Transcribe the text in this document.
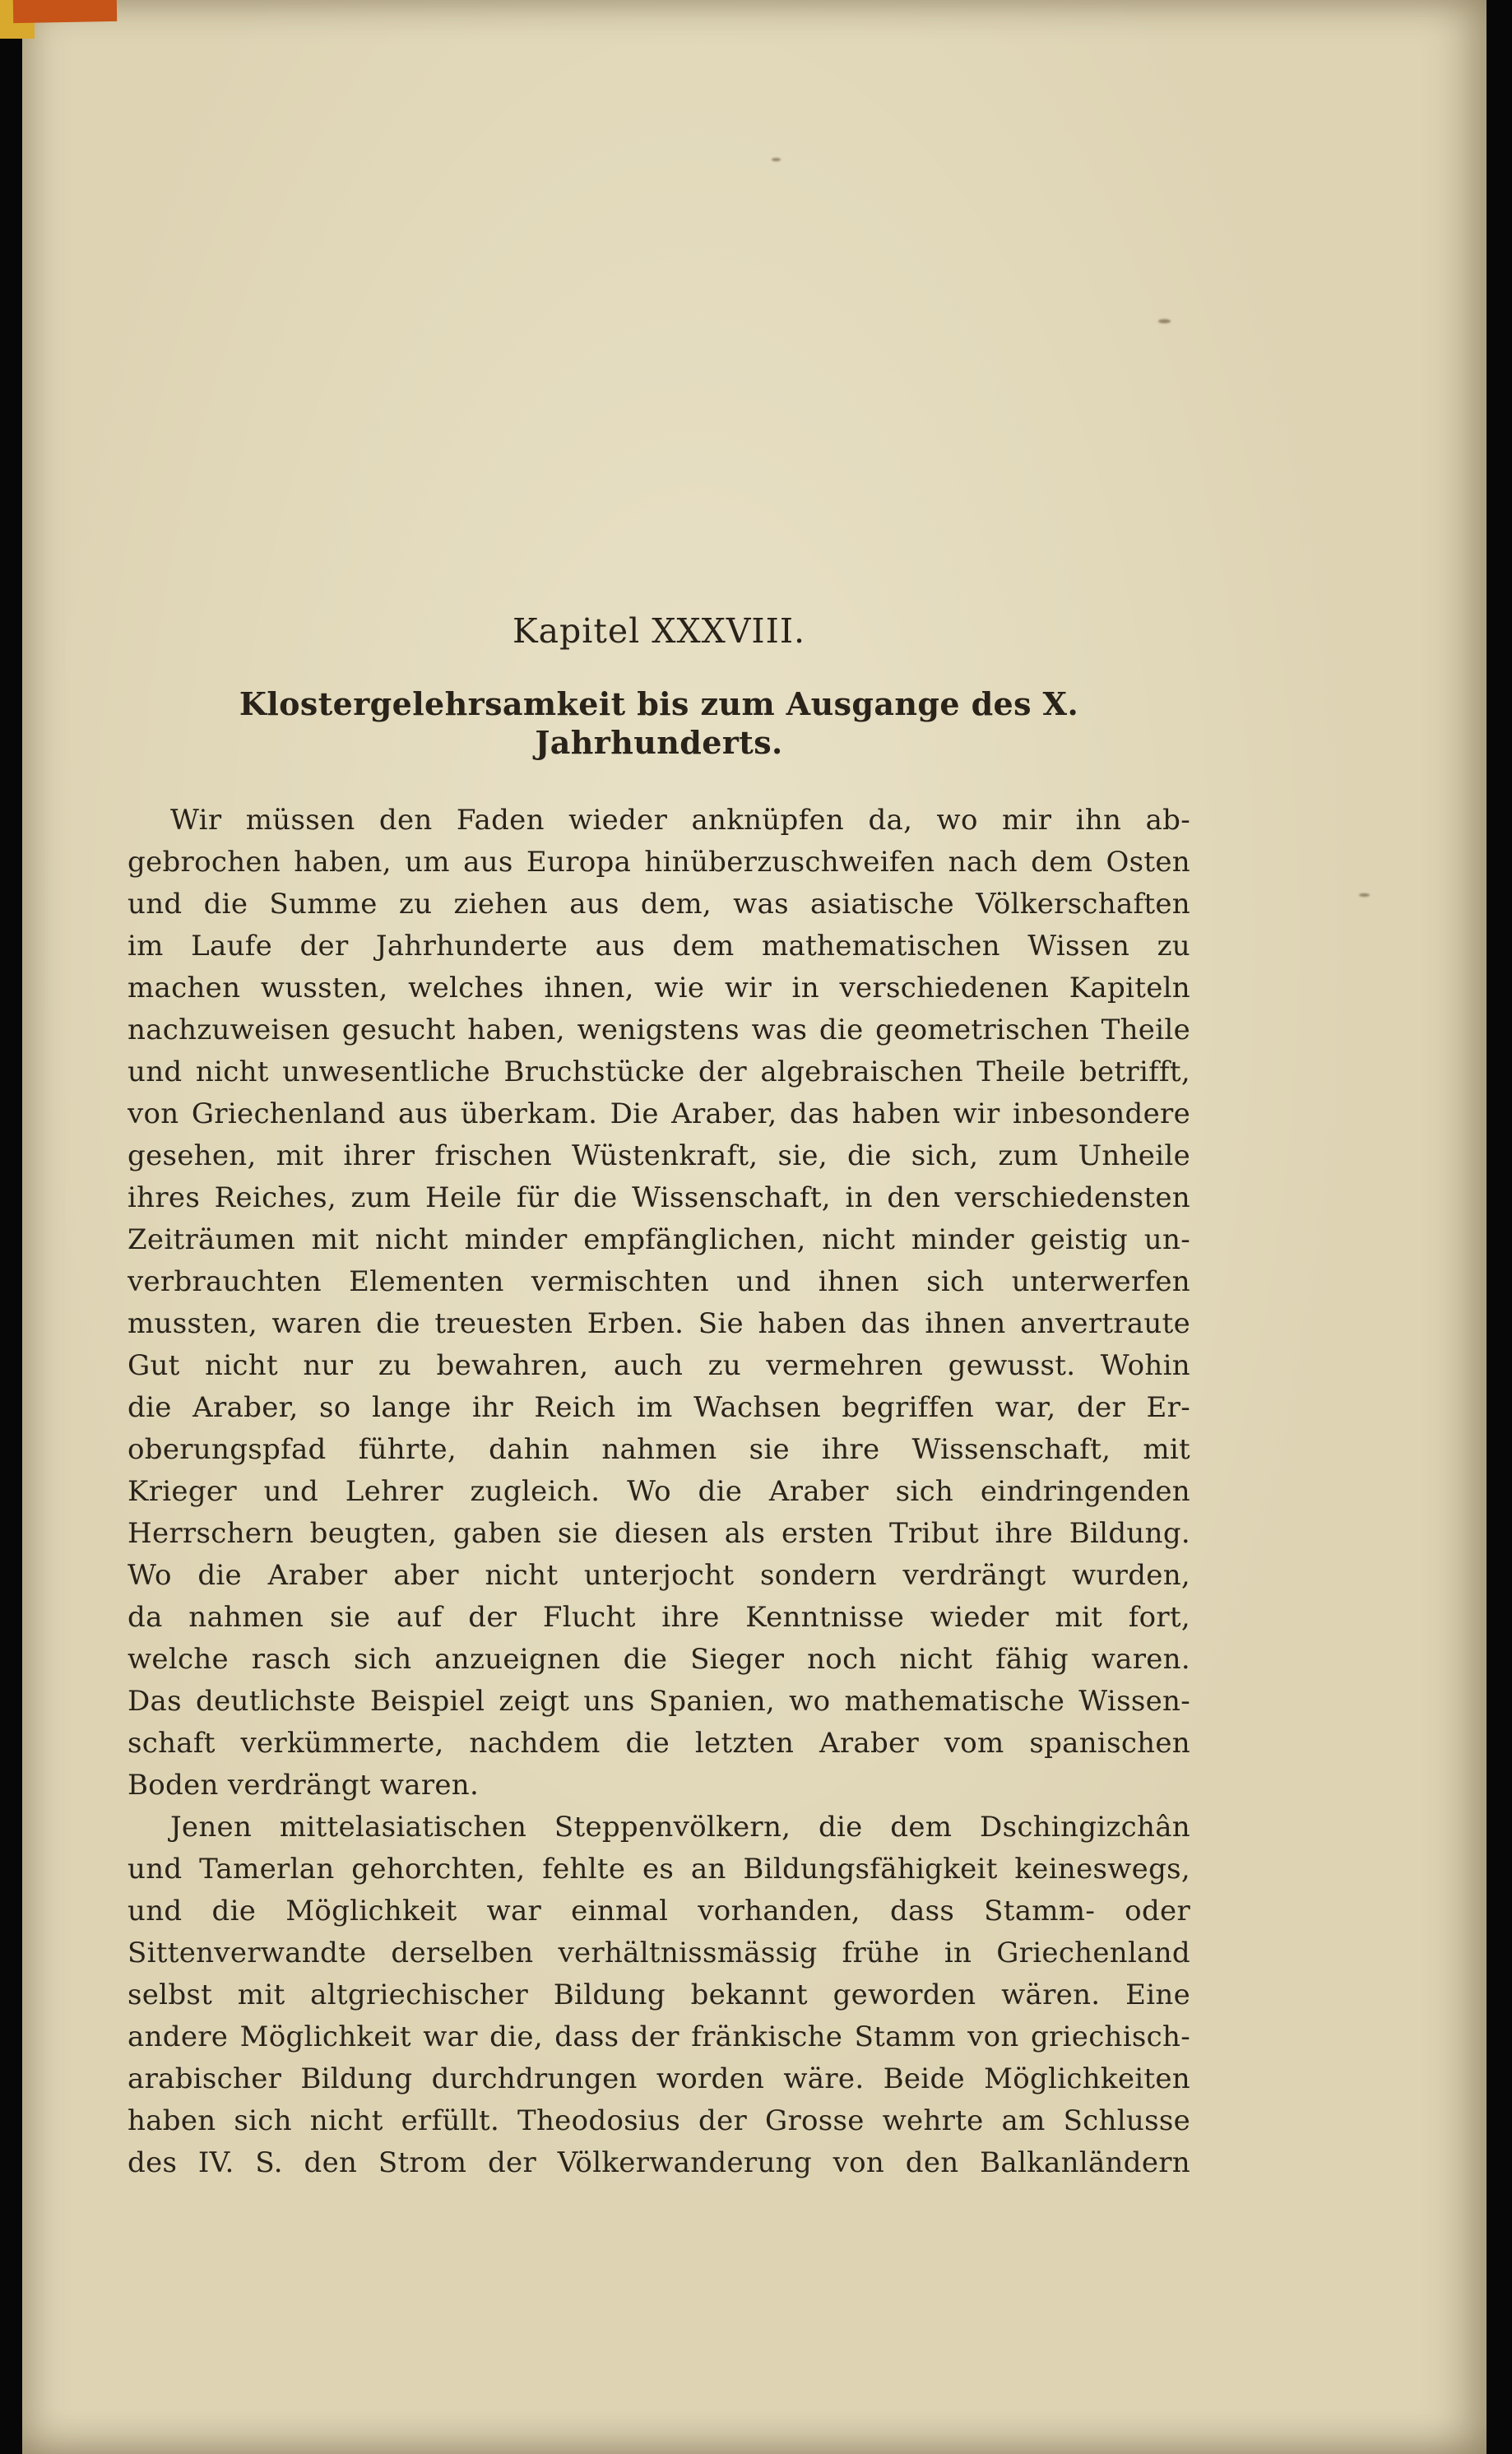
Kapitel XXXVIII.
Klostergelehrsamkeit bis zum Ausgange des X. Jahrhunderts.
Wir müssen den Faden wieder anknüpfen da, wo mir ihn ab-
gebrochen haben, um aus Europa hinüberzuschweifen nach dem Osten
und die Summe zu ziehen aus dem, was asiatische Völkerschaften
im Laufe der Jahrhunderte aus dem mathematischen Wissen zu
machen wussten, welches ihnen, wie wir in verschiedenen Kapiteln
nachzuweisen gesucht haben, wenigstens was die geometrischen Theile
und nicht unwesentliche Bruchstücke der algebraischen Theile betrifft,
von Griechenland aus überkam. Die Araber, das haben wir inbesondere
gesehen, mit ihrer frischen Wüstenkraft, sie, die sich, zum Unheile
ihres Reiches, zum Heile für die Wissenschaft, in den verschiedensten
Zeiträumen mit nicht minder empfänglichen, nicht minder geistig un-
verbrauchten Elementen vermischten und ihnen sich unterwerfen
mussten, waren die treuesten Erben. Sie haben das ihnen anvertraute
Gut nicht nur zu bewahren, auch zu vermehren gewusst. Wohin
die Araber, so lange ihr Reich im Wachsen begriffen war, der Er-
oberungspfad führte, dahin nahmen sie ihre Wissenschaft, mit
Krieger und Lehrer zugleich. Wo die Araber sich eindringenden
Herrschern beugten, gaben sie diesen als ersten Tribut ihre Bildung.
Wo die Araber aber nicht unterjocht sondern verdrängt wurden,
da nahmen sie auf der Flucht ihre Kenntnisse wieder mit fort,
welche rasch sich anzueignen die Sieger noch nicht fähig waren.
Das deutlichste Beispiel zeigt uns Spanien, wo mathematische Wissen-
schaft verkümmerte, nachdem die letzten Araber vom spanischen
Boden verdrängt waren.
Jenen mittelasiatischen Steppenvölkern, die dem Dschingizchân
und Tamerlan gehorchten, fehlte es an Bildungsfähigkeit keineswegs,
und die Möglichkeit war einmal vorhanden, dass Stamm- oder
Sittenverwandte derselben verhältnissmässig frühe in Griechenland
selbst mit altgriechischer Bildung bekannt geworden wären. Eine
andere Möglichkeit war die, dass der fränkische Stamm von griechisch-
arabischer Bildung durchdrungen worden wäre. Beide Möglichkeiten
haben sich nicht erfüllt. Theodosius der Grosse wehrte am Schlusse
des IV. S. den Strom der Völkerwanderung von den Balkanländern
